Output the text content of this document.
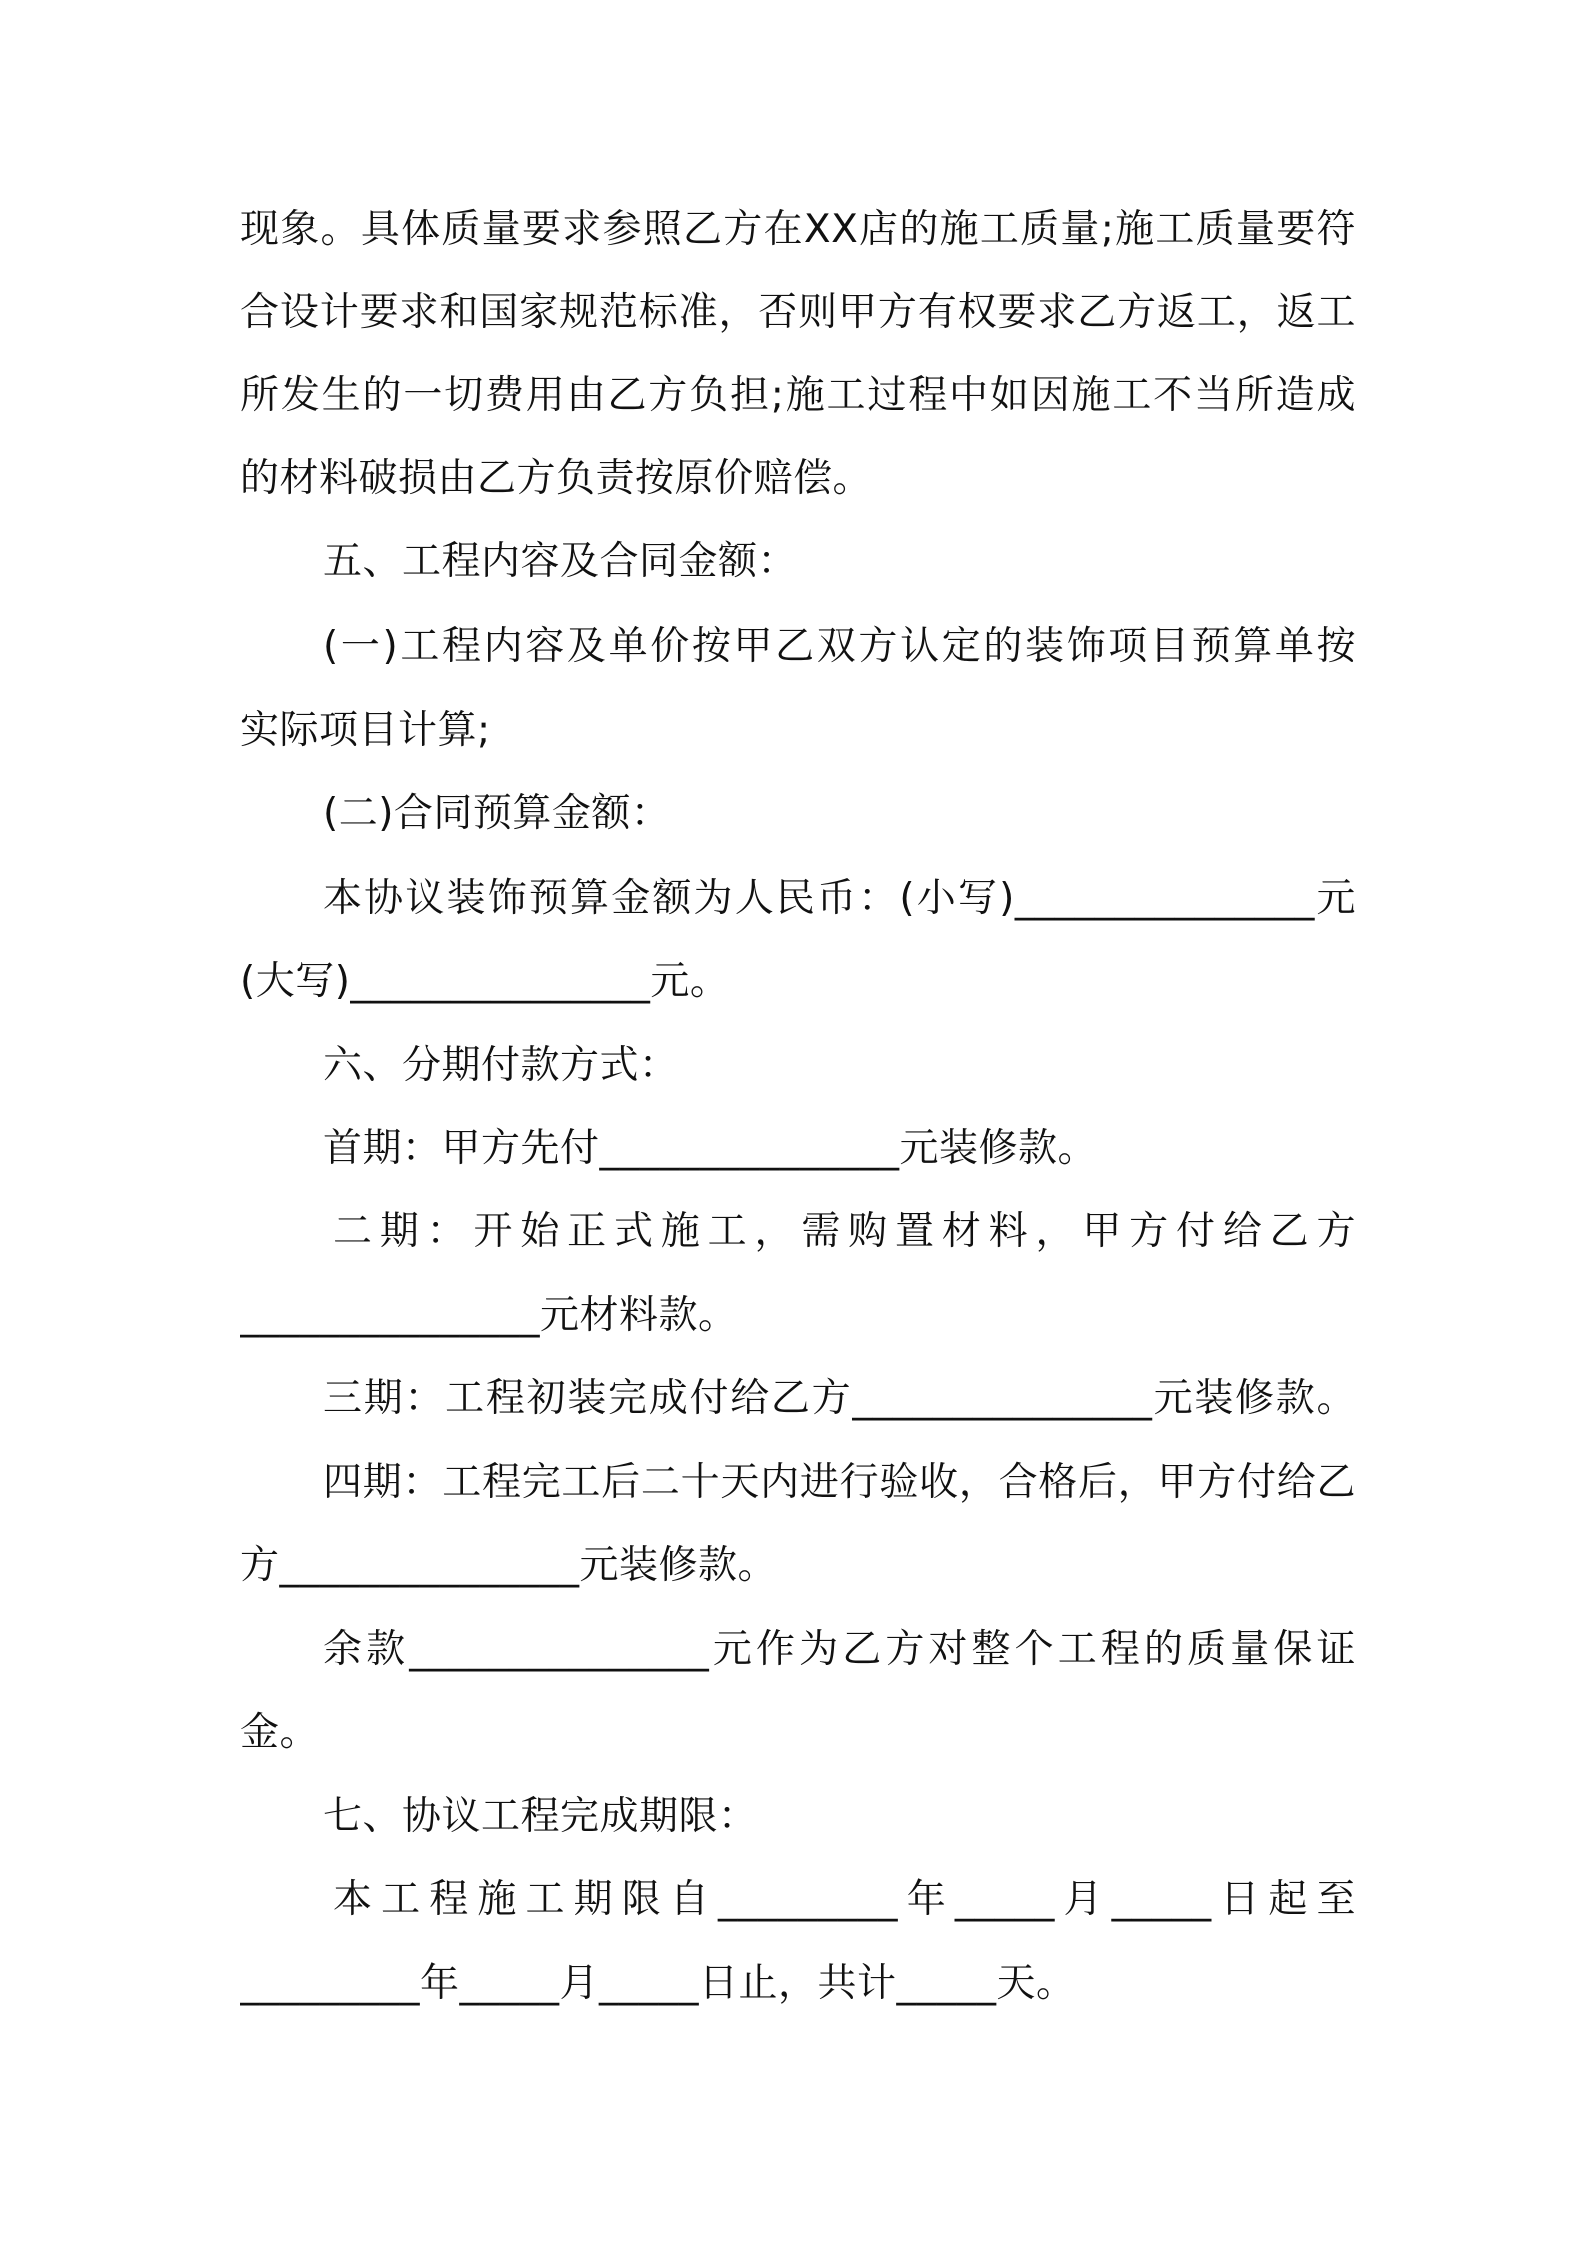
现象。具体质量要求参照乙方在XX店的施工质量;施工质量要符
合设计要求和国家规范标准，否则甲方有权要求乙方返工，返工
所发生的一切费用由乙方负担;施工过程中如因施工不当所造成
的材料破损由乙方负责按原价赔偿。
五、工程内容及合同金额：
(一)工程内容及单价按甲乙双方认定的装饰项目预算单按
实际项目计算;
(二)合同预算金额：
本协议装饰预算金额为人民币：(小写)_______________元
(大写)_______________元。
六、分期付款方式：
首期：甲方先付_______________元装修款。
二期：开始正式施工，需购置材料，甲方付给乙方
_______________元材料款。
三期：工程初装完成付给乙方_______________元装修款。
四期：工程完工后二十天内进行验收，合格后，甲方付给乙
方_______________元装修款。
余款_______________元作为乙方对整个工程的质量保证
金。
七、协议工程完成期限：
本工程施工期限自_________年_____月_____日起至
_________年_____月_____日止，共计_____天。
